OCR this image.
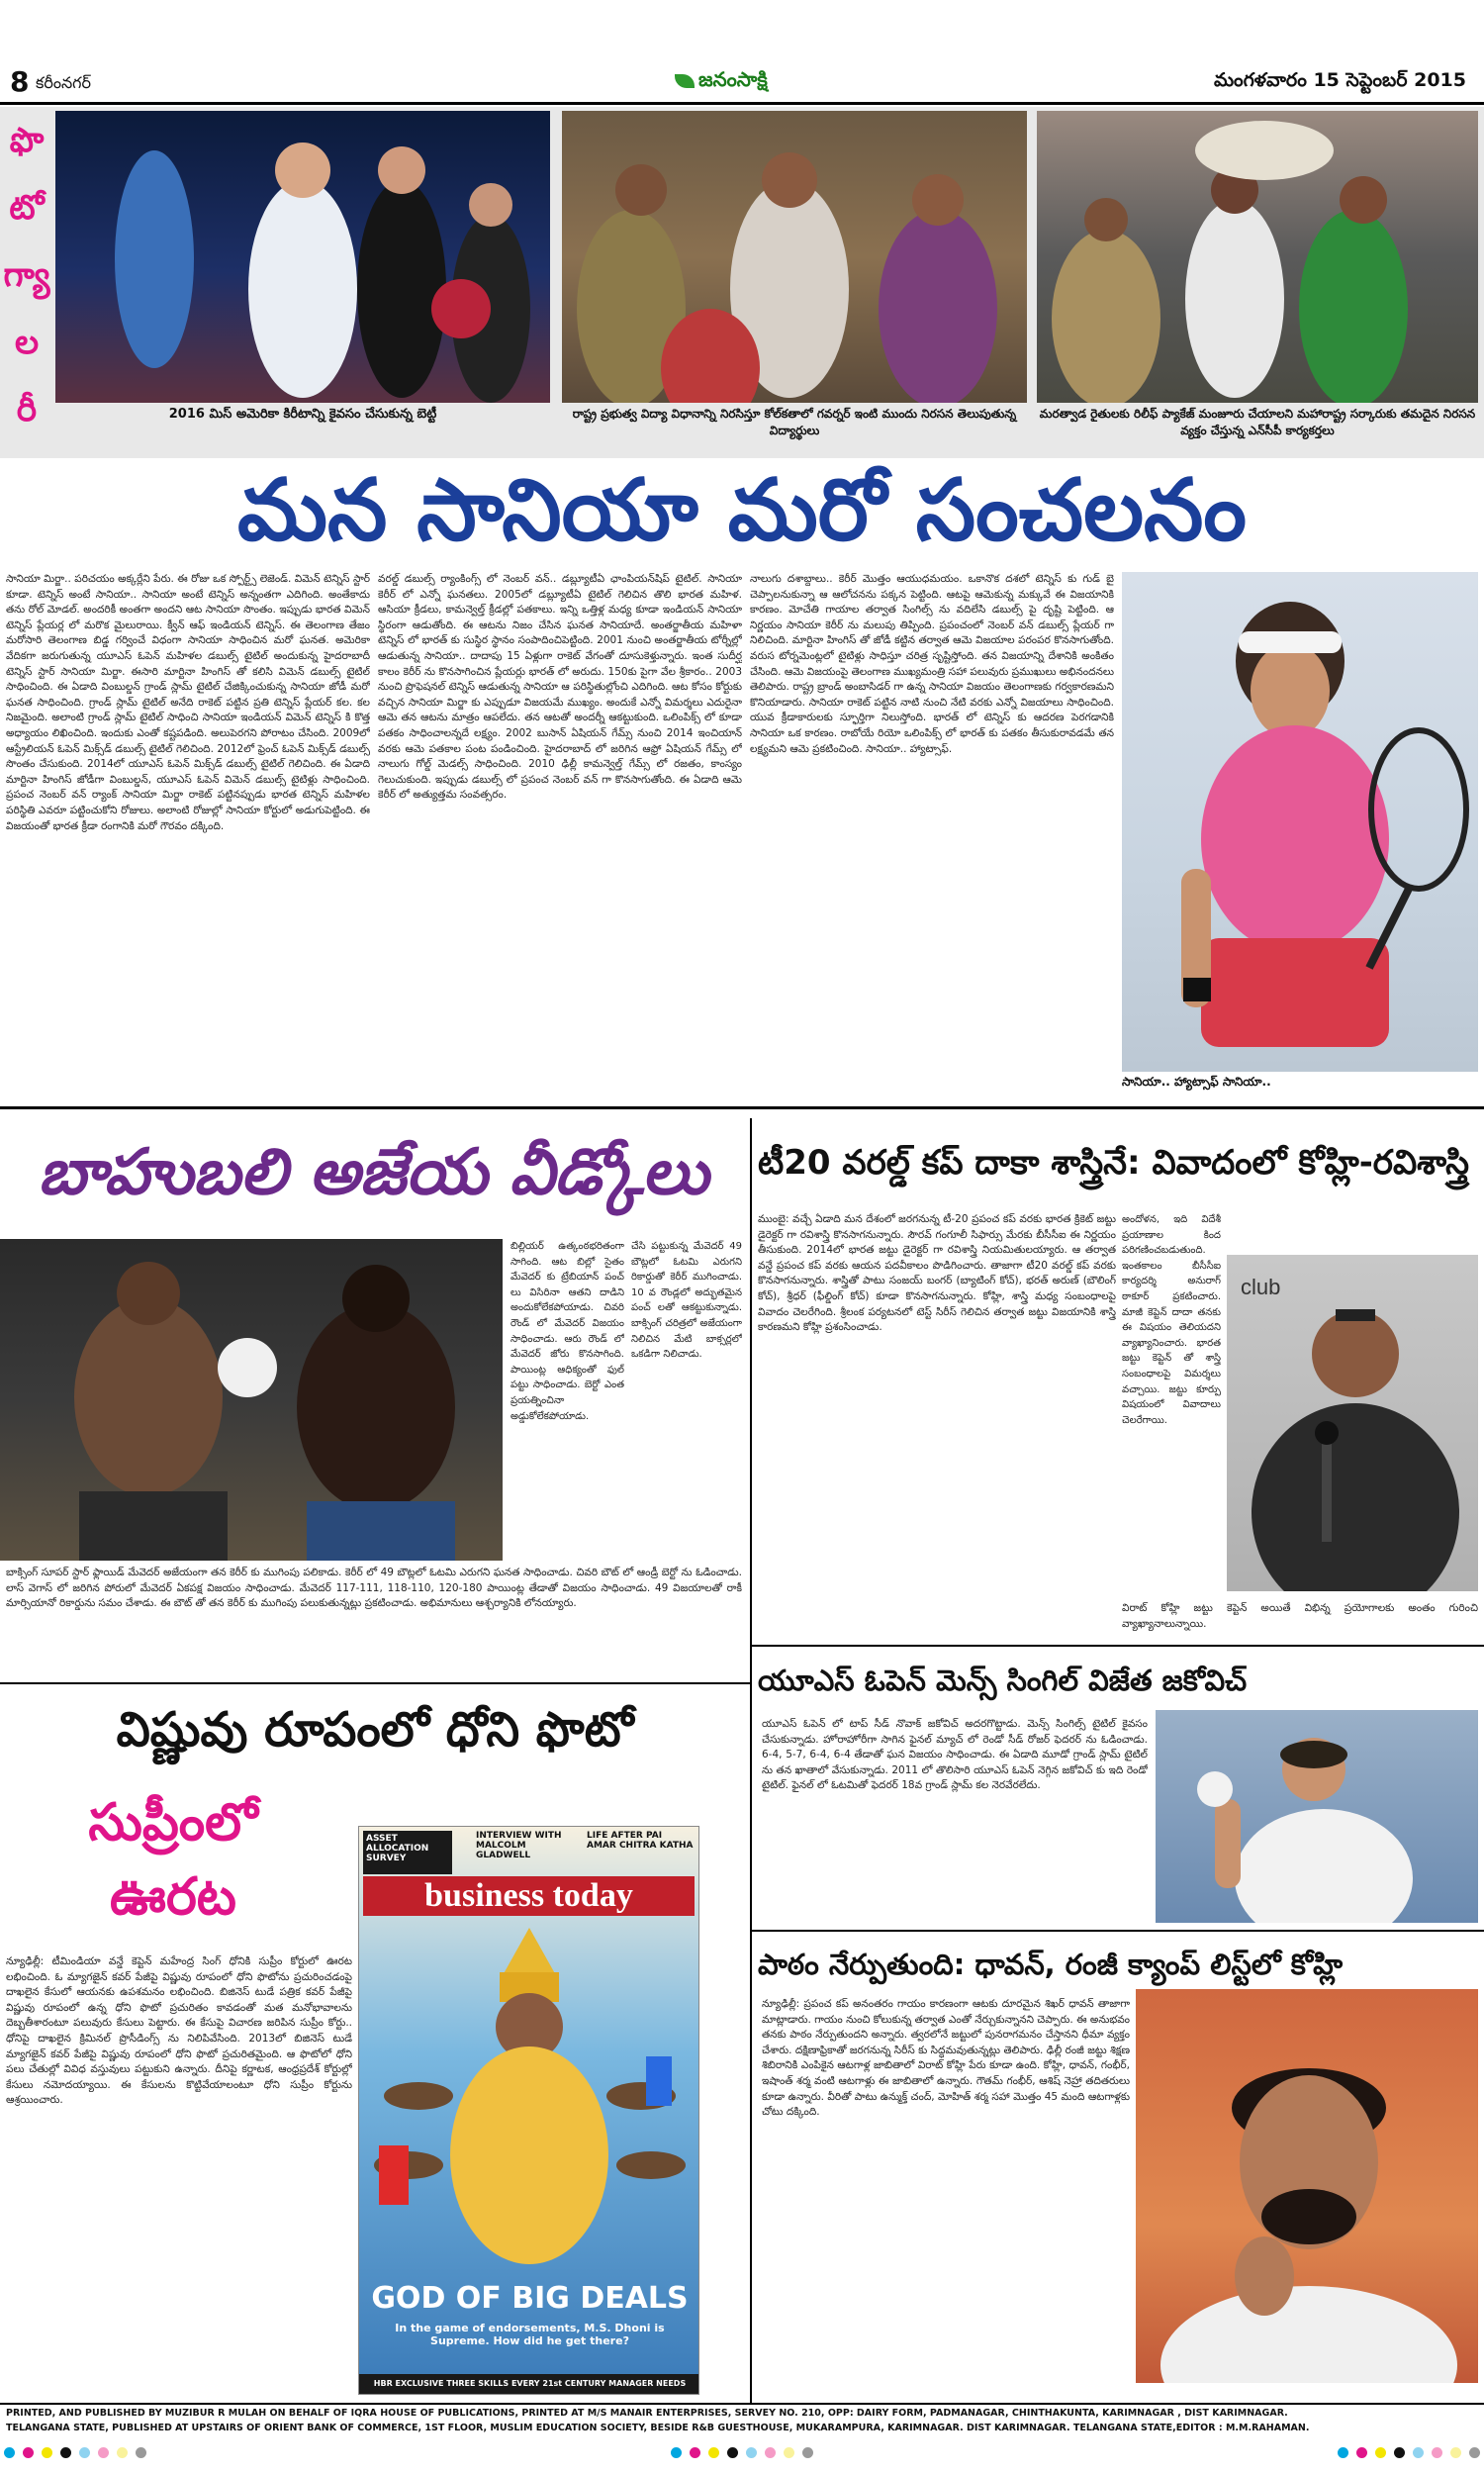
8 కరీంనగర్	జనంసాక్షి	మంగళవారం 15 సెప్టెంబర్ 2015
ఫొ
టో
గ్యా
ల
రీ	2016 మిస్ అమెరికా కిరీటాన్ని కైవసం చేసుకున్న బెట్టీ	రాష్ట్ర ప్రభుత్వ విద్యా విధానాన్ని నిరసిస్తూ కోల్‌కతాలో గవర్నర్ ఇంటి ముందు నిరసన తెలుపుతున్న విద్యార్థులు
మరత్వాడ రైతులకు రిలీఫ్ ప్యాకేజ్ మంజూరు చేయాలని మహారాష్ట్ర సర్కారుకు తమదైన నిరసన వ్యక్తం చేస్తున్న ఎన్‌సీపీ కార్యకర్తలు
మన సానియా మరో సంచలనం
సానియా మిర్జా.. పరిచయం అక్కర్లేని పేరు. ఈ రోజు ఒక స్పోర్ట్స్ లెజెండ్. విమెన్ టెన్నిస్ స్టార్ కూడా. టెన్నిస్ అంటే సానియా.. సానియా అంటే టెన్నిస్ అన్నంతగా ఎదిగింది. అంతేకాదు తను రోల్ మోడల్. అందరికీ అంతగా అందని ఆట సానియా సొంతం. ఇప్పుడు భారత విమెన్ టెన్నిస్ ప్లేయర్ల లో మరొక మైలురాయి. క్వీన్ ఆఫ్ ఇండియన్ టెన్నిస్. ఈ తెలంగాణ తేజం మరోసారి తెలంగాణ బిడ్డ గర్వించే విధంగా సానియా సాధించిన మరో ఘనత. అమెరికా వేదికగా జరుగుతున్న యూఎస్ ఓపెన్ మహిళల డబుల్స్ టైటిల్ అందుకున్న హైదరాబాదీ టెన్నిస్ స్టార్ సానియా మిర్జా. ఈసారి మార్టినా హింగిస్ తో కలిసి విమెన్ డబుల్స్ టైటిల్ సాధించింది. ఈ ఏడాది వింబుల్డన్ గ్రాండ్ స్లామ్ టైటిల్ చేజిక్కించుకున్న సానియా జోడీ మరో ఘనత సాధించింది. గ్రాండ్ స్లామ్ టైటిల్ అనేది రాకెట్ పట్టిన ప్రతి టెన్నిస్ ప్లేయర్ కల. కల నిజమైంది. అలాంటి గ్రాండ్ స్లామ్ టైటిల్ సాధించి సానియా ఇండియన్ విమెన్ టెన్నిస్ కి కొత్త అధ్యాయం లిఖించింది. ఇందుకు ఎంతో కష్టపడింది. అలుపెరగని పోరాటం చేసింది. 2009లో ఆస్ట్రేలియన్ ఓపెన్ మిక్స్‌డ్ డబుల్స్ టైటిల్ గెలిచింది. 2012లో ఫ్రెంచ్ ఓపెన్ మిక్స్‌డ్ డబుల్స్ సొంతం చేసుకుంది. 2014లో యూఎస్ ఓపెన్ మిక్స్‌డ్ డబుల్స్ టైటిల్ గెలిచింది. ఈ ఏడాది మార్టినా హింగిస్ జోడీగా వింబుల్డన్, యూఎస్ ఓపెన్ విమెన్ డబుల్స్ టైటిళ్లు సాధించింది. ప్రపంచ నెంబర్ వన్ ర్యాంక్ సానియా మిర్జా రాకెట్ పట్టినప్పుడు భారత టెన్నిస్ మహిళల పరిస్థితి ఎవరూ పట్టించుకోని రోజులు. అలాంటి రోజుల్లో సానియా కోర్టులో అడుగుపెట్టింది. ఈ విజయంతో భారత క్రీడా రంగానికి మరో గౌరవం దక్కింది.
వరల్డ్ డబుల్స్ ర్యాంకింగ్స్ లో నెంబర్ వన్.. డబ్ల్యూటీఏ ఛాంపియన్‌షిప్ టైటిల్. సానియా కెరీర్ లో ఎన్నో ఘనతలు. 2005లో డబ్ల్యూటీఏ టైటిల్ గెలిచిన తొలి భారత మహిళ. ఆసియా క్రీడలు, కామన్వెల్త్ క్రీడల్లో పతకాలు. ఇన్ని ఒత్తిళ్ల మధ్య కూడా ఇండియన్ సానియా స్థిరంగా ఆడుతోంది. ఈ ఆటను నిజం చేసిన ఘనత సానియాదే. అంతర్జాతీయ మహిళా టెన్నిస్ లో భారత్ కు సుస్థిర స్థానం సంపాదించిపెట్టింది. 2001 నుంచి అంతర్జాతీయ టోర్నీల్లో ఆడుతున్న సానియా.. దాదాపు 15 ఏళ్లుగా రాకెట్ వేగంతో దూసుకెళ్తున్నారు. ఇంత సుదీర్ఘ కాలం కెరీర్ ను కొనసాగించిన ప్లేయర్లు భారత్ లో అరుదు. 150కు పైగా వేల శ్రీకారం.. 2003 నుంచి ప్రొఫెషనల్ టెన్నిస్ ఆడుతున్న సానియా ఆ పరిస్థితుల్లోంచి ఎదిగింది. ఆట కోసం కోర్టుకు వచ్చిన సానియా మిర్జా కు ఎప్పుడూ విజయమే ముఖ్యం. అందుకే ఎన్నో విమర్శలు ఎదురైనా ఆమె తన ఆటను మాత్రం ఆపలేదు. తన ఆటతో అందర్నీ ఆకట్టుకుంది. ఒలింపిక్స్ లో కూడా పతకం సాధించాలన్నదే లక్ష్యం. 2002 బుసాన్ ఏషియన్ గేమ్స్ నుంచి 2014 ఇంచియాన్ వరకు ఆమె పతకాల పంట పండించింది. హైదరాబాద్ లో జరిగిన ఆఫ్రో ఏషియన్ గేమ్స్ లో నాలుగు గోల్డ్ మెడల్స్ సాధించింది. 2010 ఢిల్లీ కామన్వెల్త్ గేమ్స్ లో రజతం, కాంస్యం గెలుచుకుంది. ఇప్పుడు డబుల్స్ లో ప్రపంచ నెంబర్ వన్ గా కొనసాగుతోంది. ఈ ఏడాది ఆమె కెరీర్ లో అత్యుత్తమ సంవత్సరం.
నాలుగు దశాబ్దాలు.. కెరీర్ మొత్తం ఆయుధమయం. ఒకానొక దశలో టెన్నిస్ కు గుడ్ బై చెప్పాలనుకున్నా ఆ ఆలోచనను పక్కన పెట్టింది. ఆటపై ఆమెకున్న మక్కువే ఈ విజయానికి కారణం. మోచేతి గాయాల తర్వాత సింగిల్స్ ను వదిలేసి డబుల్స్ పై దృష్టి పెట్టింది. ఆ నిర్ణయం సానియా కెరీర్ ను మలుపు తిప్పింది. ప్రపంచంలో నెంబర్ వన్ డబుల్స్ ప్లేయర్ గా నిలిచింది. మార్టినా హింగిస్ తో జోడీ కట్టిన తర్వాత ఆమె విజయాల పరంపర కొనసాగుతోంది. వరుస టోర్నమెంట్లలో టైటిళ్లు సాధిస్తూ చరిత్ర సృష్టిస్తోంది. తన విజయాన్ని దేశానికి అంకితం చేసింది. ఆమె విజయంపై తెలంగాణ ముఖ్యమంత్రి సహా పలువురు ప్రముఖులు అభినందనలు తెలిపారు. రాష్ట్ర బ్రాండ్ అంబాసిడర్ గా ఉన్న సానియా విజయం తెలంగాణకు గర్వకారణమని కొనియాడారు. సానియా రాకెట్ పట్టిన నాటి నుంచి నేటి వరకు ఎన్నో విజయాలు సాధించింది. యువ క్రీడాకారులకు స్ఫూర్తిగా నిలుస్తోంది. భారత్ లో టెన్నిస్ కు ఆదరణ పెరగడానికి సానియా ఒక కారణం. రాబోయే రియో ఒలింపిక్స్ లో భారత్ కు పతకం తీసుకురావడమే తన లక్ష్యమని ఆమె ప్రకటించింది. సానియా.. హ్యాట్సాఫ్.
సానియా.. హ్యాట్సాఫ్ సానియా..
బాహుబలి అజేయ వీడ్కోలు
బిల్లియర్ ఉత్కంఠభరితంగా సాగింది. ఆట బిల్లో సైతం మేవెదర్ కు ట్రేబియాన్ పంచ్ లు విసిరినా ఆతని దాడిని అందుకోలేకపోయాడు. చివరి రౌండ్ లో మేవెదర్ విజయం సాధించాడు. ఆరు రౌండ్ లో మేవెదర్ జోరు కొనసాగింది. పాయింట్ల ఆధిక్యంతో ఫుల్ పట్టు సాధించాడు. బెర్టో ఎంత ప్రయత్నించినా అడ్డుకోలేకపోయాడు.
చేసి పట్టుకున్న మేవెదర్ 49 బౌట్లలో ఓటమి ఎరుగని రికార్డుతో కెరీర్ ముగించాడు. 10 వ రౌండ్లలో అద్భుతమైన పంచ్ లతో ఆకట్టుకున్నాడు. బాక్సింగ్ చరిత్రలో అజేయంగా నిలిచిన మేటి బాక్సర్లలో ఒకడిగా నిలిచాడు.
బాక్సింగ్ సూపర్ స్టార్ ఫ్లాయిడ్ మేవెదర్ అజేయంగా తన కెరీర్ కు ముగింపు పలికాడు. కెరీర్ లో 49 బౌట్లలో ఓటమి ఎరుగని ఘనత సాధించాడు. చివరి బౌట్ లో ఆండ్రీ బెర్టో ను ఓడించాడు. లాస్ వెగాస్ లో జరిగిన పోరులో మేవెదర్ ఏకపక్ష విజయం సాధించాడు. మేవెదర్ 117-111, 118-110, 120-180 పాయింట్ల తేడాతో విజయం సాధించాడు. 49 విజయాలతో రాకీ మార్సియానో రికార్డును సమం చేశాడు. ఈ బౌట్ తో తన కెరీర్ కు ముగింపు పలుకుతున్నట్లు ప్రకటించాడు. అభిమానులు ఆశ్చర్యానికి లోనయ్యారు.
విష్ణువు రూపంలో ధోని ఫొటో
సుప్రీంలో
ఊరట
న్యూఢిల్లీ: టీమిండియా వన్డే కెప్టెన్ మహేంద్ర సింగ్ ధోనికి సుప్రీం కోర్టులో ఊరట లభించింది. ఓ మ్యాగజైన్ కవర్ పేజీపై విష్ణువు రూపంలో ధోని ఫొటోను ప్రచురించడంపై దాఖలైన కేసులో ఆయనకు ఉపశమనం లభించింది. బిజినెస్ టుడే పత్రిక కవర్ పేజీపై విష్ణువు రూపంలో ఉన్న ధోని ఫొటో ప్రచురితం కావడంతో మత మనోభావాలను దెబ్బతీశారంటూ పలువురు కేసులు పెట్టారు. ఈ కేసుపై విచారణ జరిపిన సుప్రీం కోర్టు.. ధోనిపై దాఖలైన క్రిమినల్ ప్రొసీడింగ్స్ ను నిలిపివేసింది. 2013లో బిజినెస్ టుడే మ్యాగజైన్ కవర్ పేజీపై విష్ణువు రూపంలో ధోని ఫొటో ప్రచురితమైంది. ఆ ఫొటోలో ధోని పలు చేతుల్లో వివిధ వస్తువులు పట్టుకుని ఉన్నారు. దీనిపై కర్ణాటక, ఆంధ్రప్రదేశ్ కోర్టుల్లో కేసులు నమోదయ్యాయి. ఈ కేసులను కొట్టివేయాలంటూ ధోని సుప్రీం కోర్టును ఆశ్రయించారు.
ASSET ALLOCATION SURVEY
INTERVIEW WITH MALCOLM GLADWELL
LIFE AFTER PAI AMAR CHITRA KATHA
business today
GOD OF BIG DEALS
In the game of endorsements, M.S. Dhoni is Supreme. How did he get there?
HBR EXCLUSIVE THREE SKILLS EVERY 21st CENTURY MANAGER NEEDS
టీ20 వరల్డ్ కప్ దాకా శాస్త్రినే: వివాదంలో కోహ్లి-రవిశాస్త్రి
ముంబై: వచ్చే ఏడాది మన దేశంలో జరగనున్న టీ-20 ప్రపంచ కప్ వరకు భారత క్రికెట్ జట్టు డైరెక్టర్ గా రవిశాస్త్రి కొనసాగనున్నారు. సౌరవ్ గంగూలీ సిఫార్సు మేరకు బీసీసీఐ ఈ నిర్ణయం తీసుకుంది. 2014లో భారత జట్టు డైరెక్టర్ గా రవిశాస్త్రి నియమితులయ్యారు. ఆ తర్వాత వన్డే ప్రపంచ కప్ వరకు ఆయన పదవీకాలం పొడిగించారు. తాజాగా టీ20 వరల్డ్ కప్ వరకు కొనసాగనున్నారు. శాస్త్రితో పాటు సంజయ్ బంగర్ (బ్యాటింగ్ కోచ్), భరత్ అరుణ్ (బౌలింగ్ కోచ్), శ్రీధర్ (ఫీల్డింగ్ కోచ్) కూడా కొనసాగనున్నారు. కోహ్లి, శాస్త్రి మధ్య సంబంధాలపై వివాదం చెలరేగింది. శ్రీలంక పర్యటనలో టెస్ట్ సిరీస్ గెలిచిన తర్వాత జట్టు విజయానికి శాస్త్రి కారణమని కోహ్లి ప్రశంసించాడు.
అందోళన, ఇది విదేశీ ప్రయాణాల కింద పరిగణించబడుతుంది. ఇంతకాలం బీసీసీఐ కార్యదర్శి అనురాగ్ ఠాకూర్ ప్రకటించారు. మాజీ కెప్టెన్ దాదా తనకు ఈ విషయం తెలియదని వ్యాఖ్యానించారు. భారత జట్టు కెప్టెన్ తో శాస్త్రి సంబంధాలపై విమర్శలు వచ్చాయి. జట్టు కూర్పు విషయంలో వివాదాలు చెలరేగాయి.
club
విరాట్ కోహ్లి జట్టు కెప్టెన్ అయితే విభిన్న ప్రయోగాలకు అంతం గురించి వ్యాఖ్యానాలున్నాయి.
యూఎస్ ఓపెన్ మెన్స్ సింగిల్ విజేత జకోవిచ్
యూఎస్ ఓపెన్ లో టాప్ సీడ్ నొవాక్ జకోవిచ్ అదరగొట్టాడు. మెన్స్ సింగిల్స్ టైటిల్ కైవసం చేసుకున్నాడు. హోరాహోరీగా సాగిన ఫైనల్ మ్యాచ్ లో రెండో సీడ్ రోజర్ ఫెదరర్ ను ఓడించాడు. 6-4, 5-7, 6-4, 6-4 తేడాతో ఘన విజయం సాధించాడు. ఈ ఏడాది మూడో గ్రాండ్ స్లామ్ టైటిల్ ను తన ఖాతాలో వేసుకున్నాడు. 2011 లో తొలిసారి యూఎస్ ఓపెన్ నెగ్గిన జకోవిచ్ కు ఇది రెండో టైటిల్. ఫైనల్ లో ఓటమితో ఫెదరర్ 18వ గ్రాండ్ స్లామ్ కల నెరవేరలేదు.
పాఠం నేర్పుతుంది: ధావన్, రంజీ క్యాంప్ లిస్ట్‌లో కోహ్లి
న్యూఢిల్లీ: ప్రపంచ కప్ అనంతరం గాయం కారణంగా ఆటకు దూరమైన శిఖర్ ధావన్ తాజాగా మాట్లాడారు. గాయం నుంచి కోలుకున్న తర్వాత ఎంతో నేర్చుకున్నానని చెప్పారు. ఈ అనుభవం తనకు పాఠం నేర్పుతుందని అన్నారు. త్వరలోనే జట్టులో పునరాగమనం చేస్తానని ధీమా వ్యక్తం చేశారు. దక్షిణాఫ్రికాతో జరగనున్న సిరీస్ కు సిద్ధమవుతున్నట్లు తెలిపారు. ఢిల్లీ రంజీ జట్టు శిక్షణ శిబిరానికి ఎంపికైన ఆటగాళ్ల జాబితాలో విరాట్ కోహ్లి పేరు కూడా ఉంది. కోహ్లి, ధావన్, గంభీర్, ఇషాంత్ శర్మ వంటి ఆటగాళ్లు ఈ జాబితాలో ఉన్నారు. గౌతమ్ గంభీర్, ఆశిష్ నెహ్రా తదితరులు కూడా ఉన్నారు. వీరితో పాటు ఉన్ముక్త్ చంద్, మోహిత్ శర్మ సహా మొత్తం 45 మంది ఆటగాళ్లకు చోటు దక్కింది.
PRINTED, AND PUBLISHED BY MUZIBUR R MULAH ON BEHALF OF IQRA HOUSE OF PUBLICATIONS, PRINTED AT M/S MANAIR ENTERPRISES, SERVEY NO. 210, OPP: DAIRY FORM, PADMANAGAR, CHINTHAKUNTA, KARIMNAGAR , DIST KARIMNAGAR.
TELANGANA STATE, PUBLISHED AT UPSTAIRS OF ORIENT BANK OF COMMERCE, 1ST FLOOR, MUSLIM EDUCATION SOCIETY, BESIDE R&B GUESTHOUSE, MUKARAMPURA, KARIMNAGAR. DIST KARIMNAGAR. TELANGANA STATE,EDITOR : M.M.RAHAMAN.
